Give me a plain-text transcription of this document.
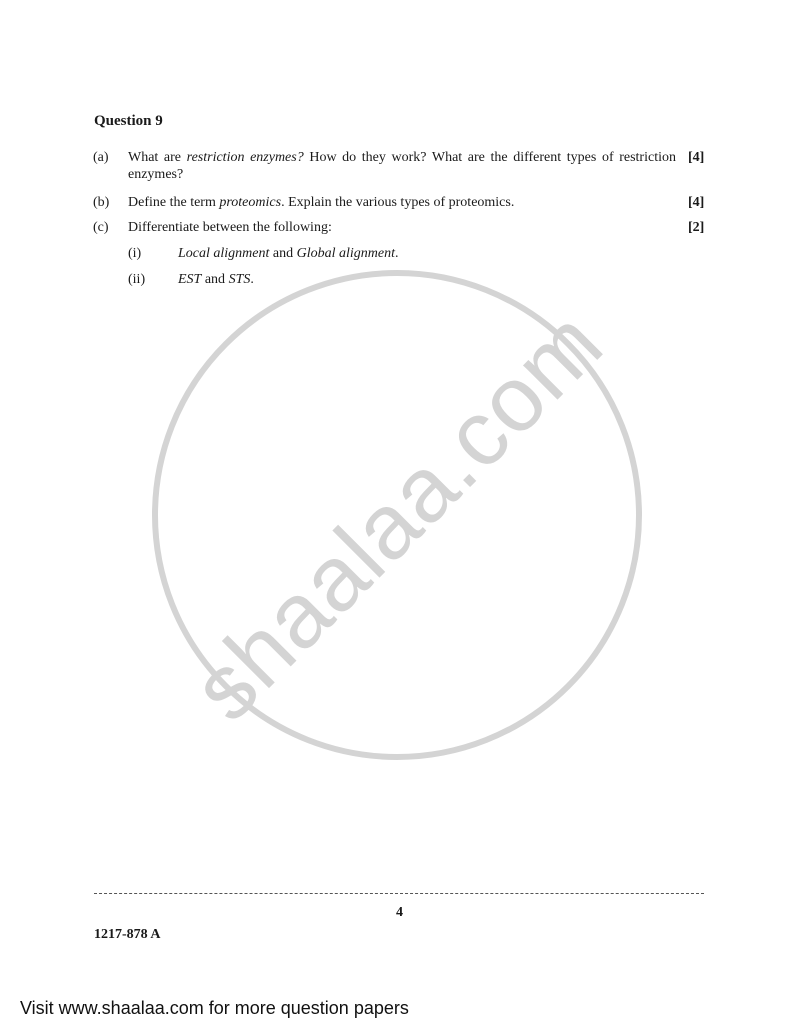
shaalaa.com
Question 9
(a) What are restriction enzymes? How do they work? What are the different types of restriction enzymes?
[4]
(b) Define the term proteomics. Explain the various types of proteomics.	[4]
(c) Differentiate between the following:	[2]
(i)	Local alignment and Global alignment.
(ii) EST and STS.
4
1217-878 A
Visit www.shaalaa.com for more question papers
